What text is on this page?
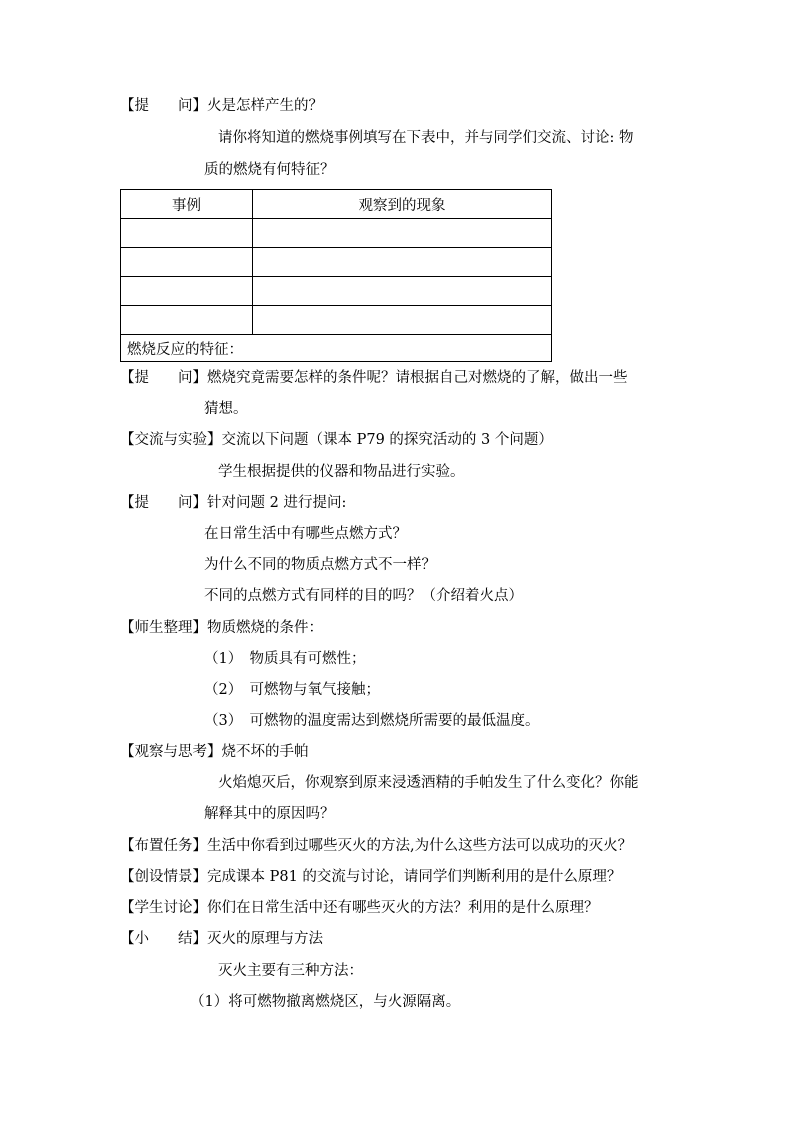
【提　　问】火是怎样产生的？
请你将知道的燃烧事例填写在下表中，并与同学们交流、讨论: 物
质的燃烧有何特征？
事例	观察到的现象

燃烧反应的特征：	
【提　　问】燃烧究竟需要怎样的条件呢？请根据自己对燃烧的了解，做出一些
猜想。
【交流与实验】交流以下问题（课本 P79 的探究活动的 3 个问题）
学生根据提供的仪器和物品进行实验。
【提　　问】针对问题 2 进行提问:
在日常生活中有哪些点燃方式？
为什么不同的物质点燃方式不一样？
不同的点燃方式有同样的目的吗？（介绍着火点）
【师生整理】物质燃烧的条件：
（1）　物质具有可燃性；
（2）　可燃物与氧气接触；
（3）　可燃物的温度需达到燃烧所需要的最低温度。
【观察与思考】烧不坏的手帕
火焰熄灭后，你观察到原来浸透酒精的手帕发生了什么变化？你能
解释其中的原因吗？
【布置任务】生活中你看到过哪些灭火的方法,为什么这些方法可以成功的灭火？
【创设情景】完成课本 P81 的交流与讨论，请同学们判断利用的是什么原理？
【学生讨论】你们在日常生活中还有哪些灭火的方法？利用的是什么原理？
【小　　结】灭火的原理与方法
灭火主要有三种方法：
（1）将可燃物撤离燃烧区，与火源隔离。
